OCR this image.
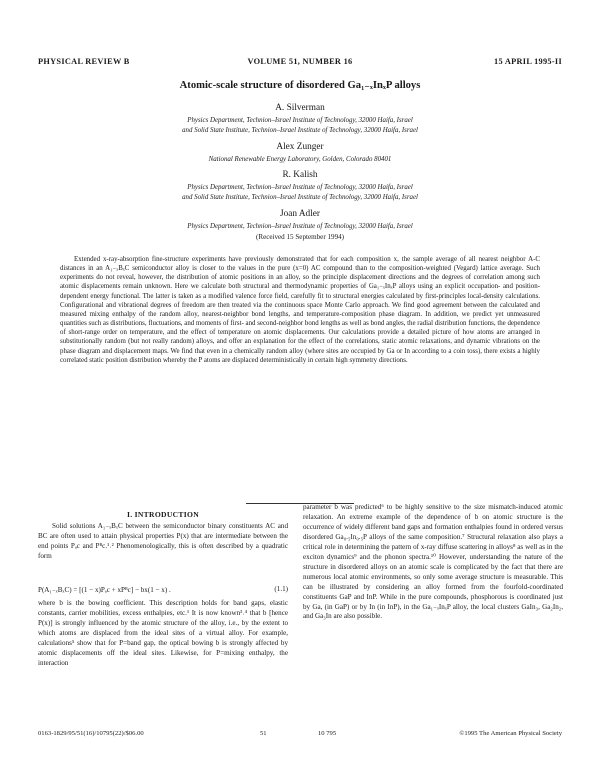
PHYSICAL REVIEW B	VOLUME 51, NUMBER 16	15 APRIL 1995-II
Atomic-scale structure of disordered Ga₁₋ₓInₓP alloys
A. Silverman
Physics Department, Technion–Israel Institute of Technology, 32000 Haifa, Israel
and Solid State Institute, Technion–Israel Institute of Technology, 32000 Haifa, Israel
Alex Zunger
National Renewable Energy Laboratory, Golden, Colorado 80401
R. Kalish
Physics Department, Technion–Israel Institute of Technology, 32000 Haifa, Israel
and Solid State Institute, Technion–Israel Institute of Technology, 32000 Haifa, Israel
Joan Adler
Physics Department, Technion–Israel Institute of Technology, 32000 Haifa, Israel
(Received 15 September 1994)

Extended x-ray-absorption fine-structure experiments have previously demonstrated that for each composition x, the sample average of all nearest neighbor A-C distances in an A₁₋ₓBₓC semiconductor alloy is closer to the values in the pure (x=0) AC compound than to the composition-weighted (Vegard) lattice average. Such experiments do not reveal, however, the distribution of atomic positions in an alloy, so the principle displacement directions and the degrees of correlation among such atomic displacements remain unknown. Here we calculate both structural and thermodynamic properties of Ga₁₋ₓInₓP alloys using an explicit occupation- and position-dependent energy functional. The latter is taken as a modified valence force field, carefully fit to structural energies calculated by first-principles local-density calculations. Configurational and vibrational degrees of freedom are then treated via the continuous space Monte Carlo approach. We find good agreement between the calculated and measured mixing enthalpy of the random alloy, nearest-neighbor bond lengths, and temperature-composition phase diagram. In addition, we predict yet unmeasured quantities such as distributions, fluctuations, and moments of first- and second-neighbor bond lengths as well as bond angles, the radial distribution functions, the dependence of short-range order on temperature, and the effect of temperature on atomic displacements. Our calculations provide a detailed picture of how atoms are arranged in substitutionally random (but not really random) alloys, and offer an explanation for the effect of the correlations, static atomic relaxations, and dynamic vibrations on the phase diagram and displacement maps. We find that even in a chemically random alloy (where sites are occupied by Ga or In according to a coin toss), there exists a highly correlated static position distribution whereby the P atoms are displaced deterministically in certain high symmetry directions.

I. INTRODUCTION

Solid solutions A₁₋ₓBₓC between the semiconductor binary constituents AC and BC are often used to attain physical properties P(x) that are intermediate between the end points Pₐc and Pᴮc.¹˒² Phenomenologically, this is often described by a quadratic form

P(A₁₋ₓBₓC) = [(1 − x)Pₐc + xPᴮc] − bx(1 − x) .	(1.1)

where b is the bowing coefficient. This description holds for band gaps, elastic constants, carrier mobilities, excess enthalpies, etc.¹ It is now known³˒⁴ that b [hence P(x)] is strongly influenced by the atomic structure of the alloy, i.e., by the extent to which atoms are displaced from the ideal sites of a virtual alloy. For example, calculations⁵ show that for P=band gap, the optical bowing b is strongly affected by atomic displacements off the ideal sites. Likewise, for P=mixing enthalpy, the interaction

parameter b was predicted⁶ to be highly sensitive to the size mismatch-induced atomic relaxation. An extreme example of the dependence of b on atomic structure is the occurrence of widely different band gaps and formation enthalpies found in ordered versus disordered Ga₀.₅In₀.₅P alloys of the same composition.⁷ Structural relaxation also plays a critical role in determining the pattern of x-ray diffuse scattering in alloys⁸ as well as in the exciton dynamics⁹ and the phonon spectra.¹⁰ However, understanding the nature of the structure in disordered alloys on an atomic scale is complicated by the fact that there are numerous local atomic environments, so only some average structure is measurable. This can be illustrated by considering an alloy formed from the fourfold-coordinated constituents GaP and InP. While in the pure compounds, phosphorous is coordinated just by Ga, (in GaP) or by In (in InP), in the Ga₁₋ₓInₓP alloy, the local clusters GaIn₃, Ga₂In₂, and Ga₃In are also possible.

0163-1829/95/51(16)/10795(22)/$06.00	51	10 795	©1995 The American Physical Society
